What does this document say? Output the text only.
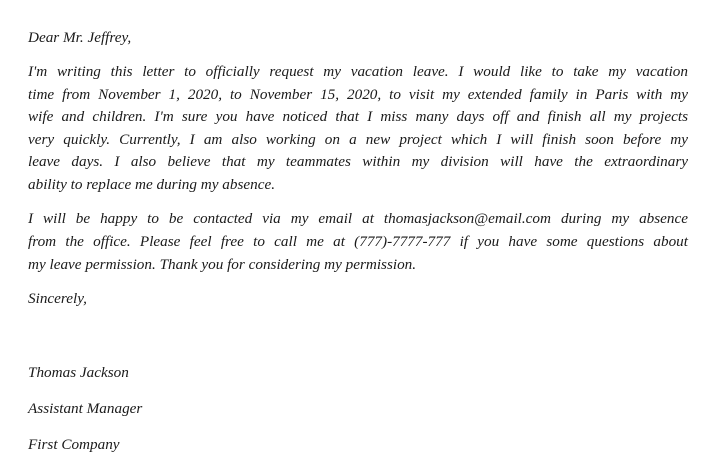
Dear Mr. Jeffrey,
I'm writing this letter to officially request my vacation leave. I would like to take my vacation
time from November 1, 2020, to November 15, 2020, to visit my extended family in Paris with my
wife and children. I'm sure you have noticed that I miss many days off and finish all my projects
very quickly. Currently, I am also working on a new project which I will finish soon before my
leave days. I also believe that my teammates within my division will have the extraordinary
ability to replace me during my absence.
I will be happy to be contacted via my email at thomasjackson@email.com during my absence
from the office. Please feel free to call me at (777)-7777-777 if you have some questions about
my leave permission. Thank you for considering my permission.
Sincerely,
Thomas Jackson
Assistant Manager
First Company
